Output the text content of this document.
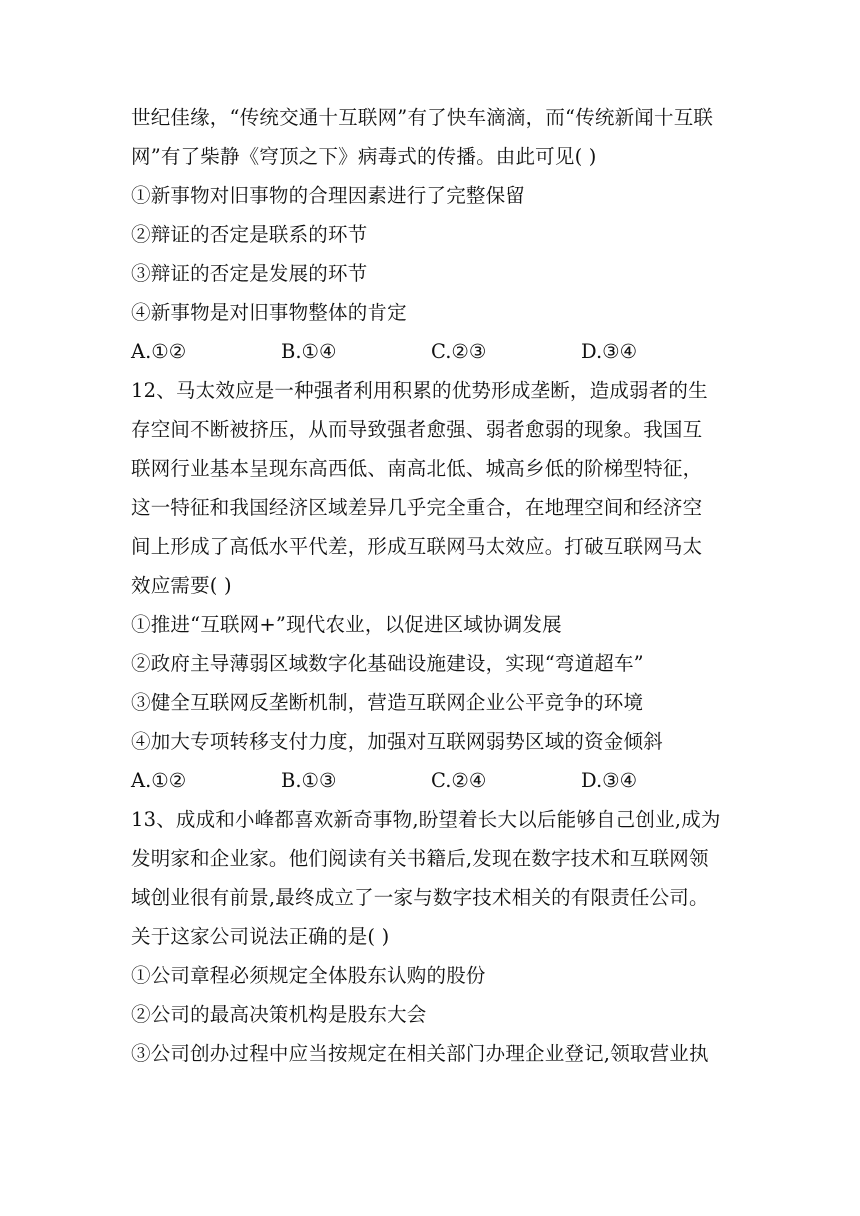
世纪佳缘，“传统交通十互联网”有了快车滴滴，而“传统新闻十互联
网”有了柴静《穹顶之下》病毒式的传播。由此可见( )
①新事物对旧事物的合理因素进行了完整保留
②辩证的否定是联系的环节
③辩证的否定是发展的环节
④新事物是对旧事物整体的肯定
A.①②	B.①④	C.②③	D.③④
12、马太效应是一种强者利用积累的优势形成垄断，造成弱者的生
存空间不断被挤压，从而导致强者愈强、弱者愈弱的现象。我国互
联网行业基本呈现东高西低、南高北低、城高乡低的阶梯型特征，
这一特征和我国经济区域差异几乎完全重合，在地理空间和经济空
间上形成了高低水平代差，形成互联网马太效应。打破互联网马太
效应需要( )
①推进“互联网+”现代农业，以促进区域协调发展
②政府主导薄弱区域数字化基础设施建设，实现“弯道超车”
③健全互联网反垄断机制，营造互联网企业公平竞争的环境
④加大专项转移支付力度，加强对互联网弱势区域的资金倾斜
A.①②	B.①③	C.②④	D.③④
13、成成和小峰都喜欢新奇事物,盼望着长大以后能够自己创业,成为
发明家和企业家。他们阅读有关书籍后,发现在数字技术和互联网领
域创业很有前景,最终成立了一家与数字技术相关的有限责任公司。
关于这家公司说法正确的是( )
①公司章程必须规定全体股东认购的股份
②公司的最高决策机构是股东大会
③公司创办过程中应当按规定在相关部门办理企业登记,领取营业执
